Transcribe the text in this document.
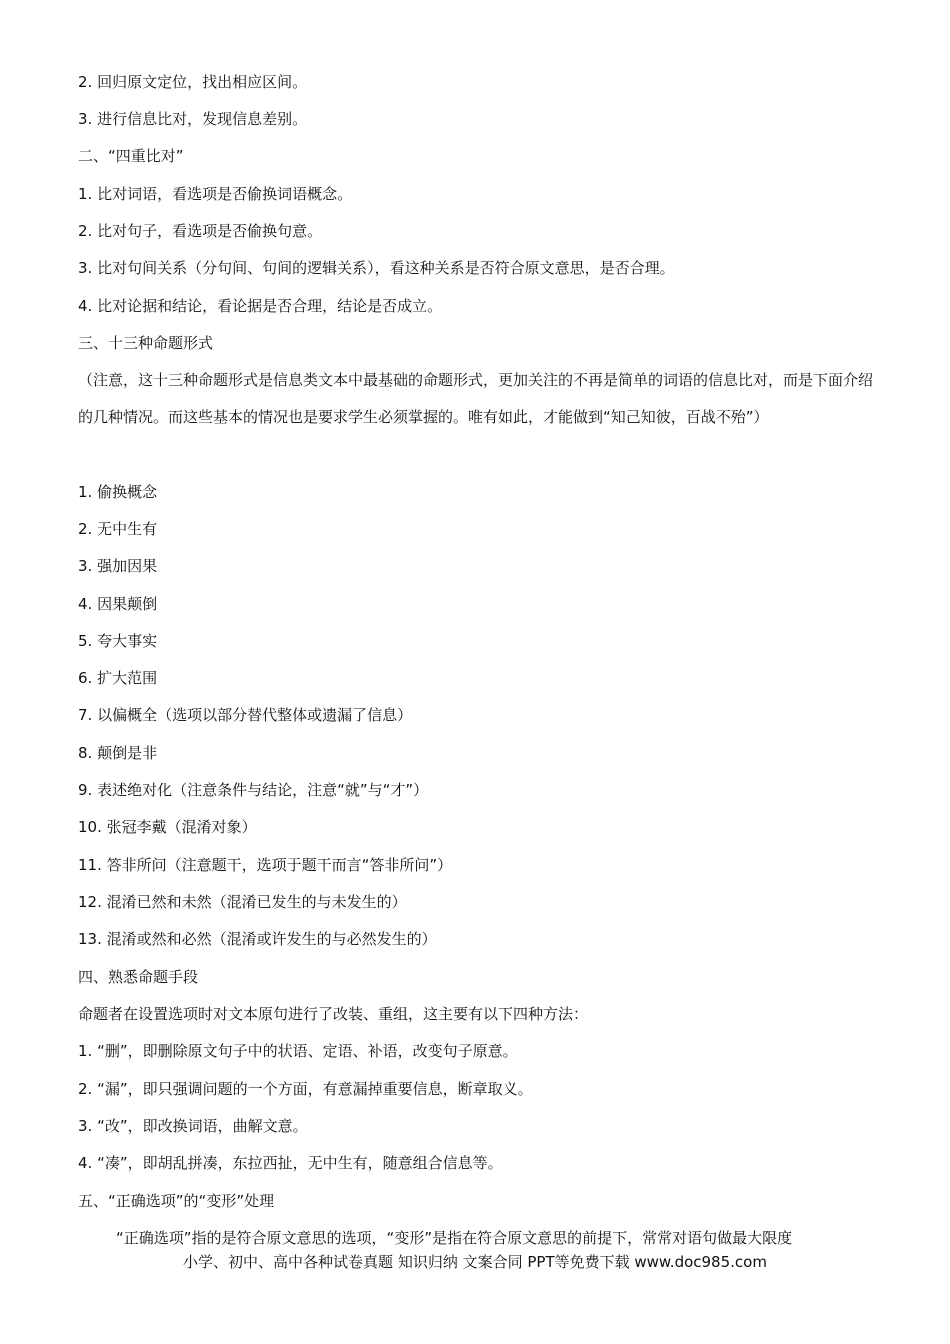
2. 回归原文定位，找出相应区间。
3. 进行信息比对，发现信息差别。
二、“四重比对”
1. 比对词语，看选项是否偷换词语概念。
2. 比对句子，看选项是否偷换句意。
3. 比对句间关系（分句间、句间的逻辑关系），看这种关系是否符合原文意思，是否合理。
4. 比对论据和结论，看论据是否合理，结论是否成立。
三、十三种命题形式
（注意，这十三种命题形式是信息类文本中最基础的命题形式，更加关注的不再是简单的词语的信息比对，而是下面介绍的几种情况。而这些基本的情况也是要求学生必须掌握的。唯有如此，才能做到“知己知彼，百战不殆”）
1. 偷换概念
2. 无中生有
3. 强加因果
4. 因果颠倒
5. 夸大事实
6. 扩大范围
7. 以偏概全（选项以部分替代整体或遗漏了信息）
8. 颠倒是非
9. 表述绝对化（注意条件与结论，注意“就”与“才”）
10. 张冠李戴（混淆对象）
11. 答非所问（注意题干，选项于题干而言“答非所问”）
12. 混淆已然和未然（混淆已发生的与未发生的）
13. 混淆或然和必然（混淆或许发生的与必然发生的）
四、熟悉命题手段
命题者在设置选项时对文本原句进行了改装、重组，这主要有以下四种方法：
1. “删”，即删除原文句子中的状语、定语、补语，改变句子原意。
2. “漏”，即只强调问题的一个方面，有意漏掉重要信息，断章取义。
3. “改”，即改换词语，曲解文意。
4. “凑”，即胡乱拼凑，东拉西扯，无中生有，随意组合信息等。
五、“正确选项”的“变形”处理
“正确选项”指的是符合原文意思的选项，“变形”是指在符合原文意思的前提下，常常对语句做最大限度
小学、初中、高中各种试卷真题 知识归纳 文案合同 PPT等免费下载 www.doc985.com
